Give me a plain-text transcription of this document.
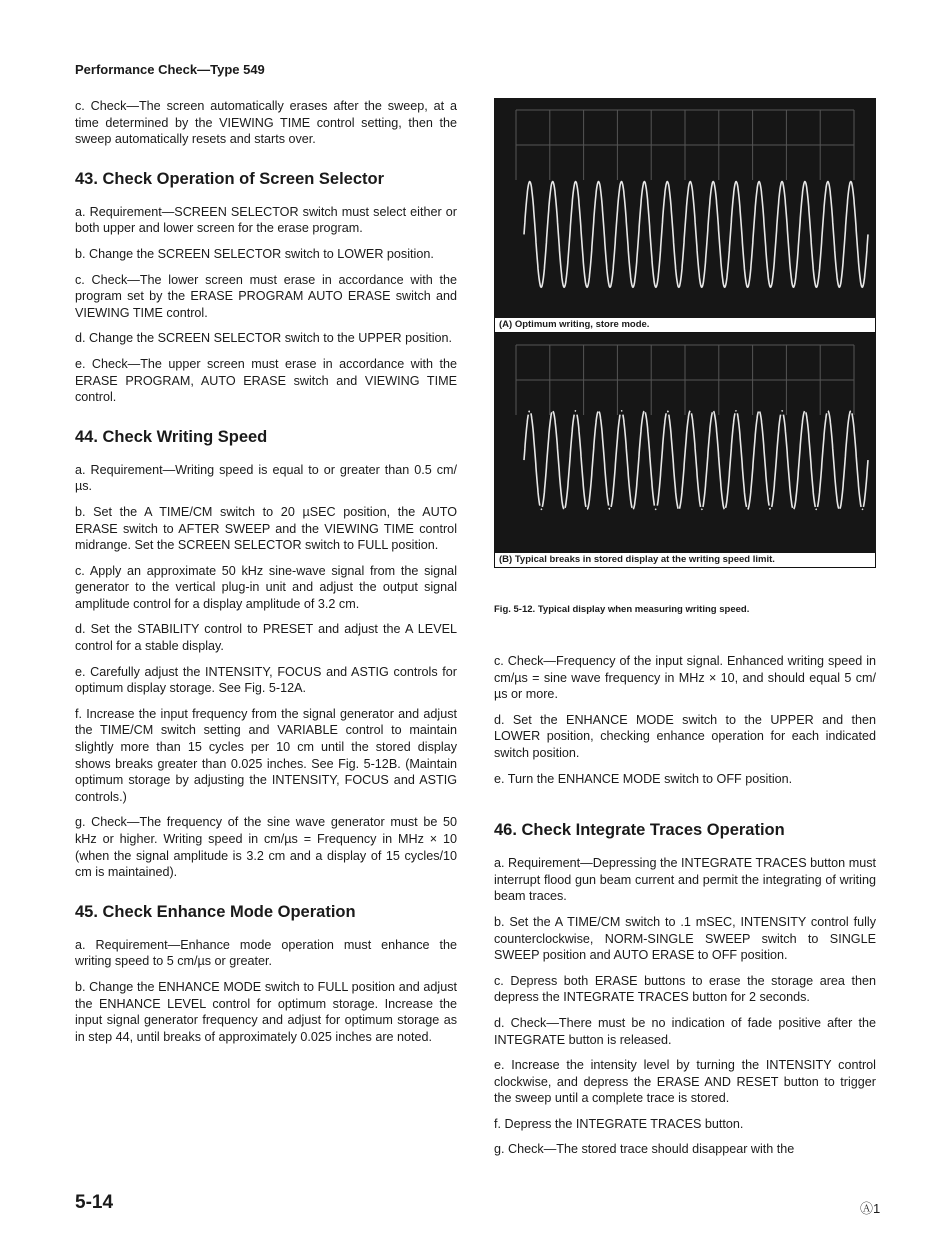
Performance Check—Type 549

c. Check—The screen automatically erases after the sweep, at a time determined by the VIEWING TIME control setting, then the sweep automatically resets and starts over.

43. Check Operation of Screen Selector

a. Requirement—SCREEN SELECTOR switch must select either or both upper and lower screen for the erase program.

b. Change the SCREEN SELECTOR switch to LOWER position.

c. Check—The lower screen must erase in accordance with the program set by the ERASE PROGRAM AUTO ERASE switch and VIEWING TIME control.

d. Change the SCREEN SELECTOR switch to the UPPER position.

e. Check—The upper screen must erase in accordance with the ERASE PROGRAM, AUTO ERASE switch and VIEWING TIME control.

44. Check Writing Speed

a. Requirement—Writing speed is equal to or greater than 0.5 cm/µs.

b. Set the A TIME/CM switch to 20 µSEC position, the AUTO ERASE switch to AFTER SWEEP and the VIEWING TIME control midrange. Set the SCREEN SELECTOR switch to FULL position.

c. Apply an approximate 50 kHz sine-wave signal from the signal generator to the vertical plug-in unit and adjust the output signal amplitude control for a display amplitude of 3.2 cm.

d. Set the STABILITY control to PRESET and adjust the A LEVEL control for a stable display.

e. Carefully adjust the INTENSITY, FOCUS and ASTIG controls for optimum display storage. See Fig. 5-12A.

f. Increase the input frequency from the signal generator and adjust the TIME/CM switch setting and VARIABLE control to maintain slightly more than 15 cycles per 10 cm until the stored display shows breaks greater than 0.025 inches. See Fig. 5-12B. (Maintain optimum storage by adjusting the INTENSITY, FOCUS and ASTIG controls.)

g. Check—The frequency of the sine wave generator must be 50 kHz or higher. Writing speed in cm/µs = Frequency in MHz × 10 (when the signal amplitude is 3.2 cm and a display of 15 cycles/10 cm is maintained).

45. Check Enhance Mode Operation

a. Requirement—Enhance mode operation must enhance the writing speed to 5 cm/µs or greater.

b. Change the ENHANCE MODE switch to FULL position and adjust the ENHANCE LEVEL control for optimum storage. Increase the input signal generator frequency and adjust for optimum storage as in step 44, until breaks of approximately 0.025 inches are noted.

(A) Optimum writing, store mode.
(B) Typical breaks in stored display at the writing speed limit.
Fig. 5-12. Typical display when measuring writing speed.

c. Check—Frequency of the input signal. Enhanced writing speed in cm/µs = sine wave frequency in MHz × 10, and should equal 5 cm/µs or more.

d. Set the ENHANCE MODE switch to the UPPER and then LOWER position, checking enhance operation for each indicated switch position.

e. Turn the ENHANCE MODE switch to OFF position.

46. Check Integrate Traces Operation

a. Requirement—Depressing the INTEGRATE TRACES button must interrupt flood gun beam current and permit the integrating of writing beam traces.

b. Set the A TIME/CM switch to .1 mSEC, INTENSITY control fully counterclockwise, NORM-SINGLE SWEEP switch to SINGLE SWEEP position and AUTO ERASE to OFF position.

c. Depress both ERASE buttons to erase the storage area then depress the INTEGRATE TRACES button for 2 seconds.

d. Check—There must be no indication of fade positive after the INTEGRATE button is released.

e. Increase the intensity level by turning the INTENSITY control clockwise, and depress the ERASE AND RESET button to trigger the sweep until a complete trace is stored.

f. Depress the INTEGRATE TRACES button.

g. Check—The stored trace should disappear with the

5-14	Ⓐ1
